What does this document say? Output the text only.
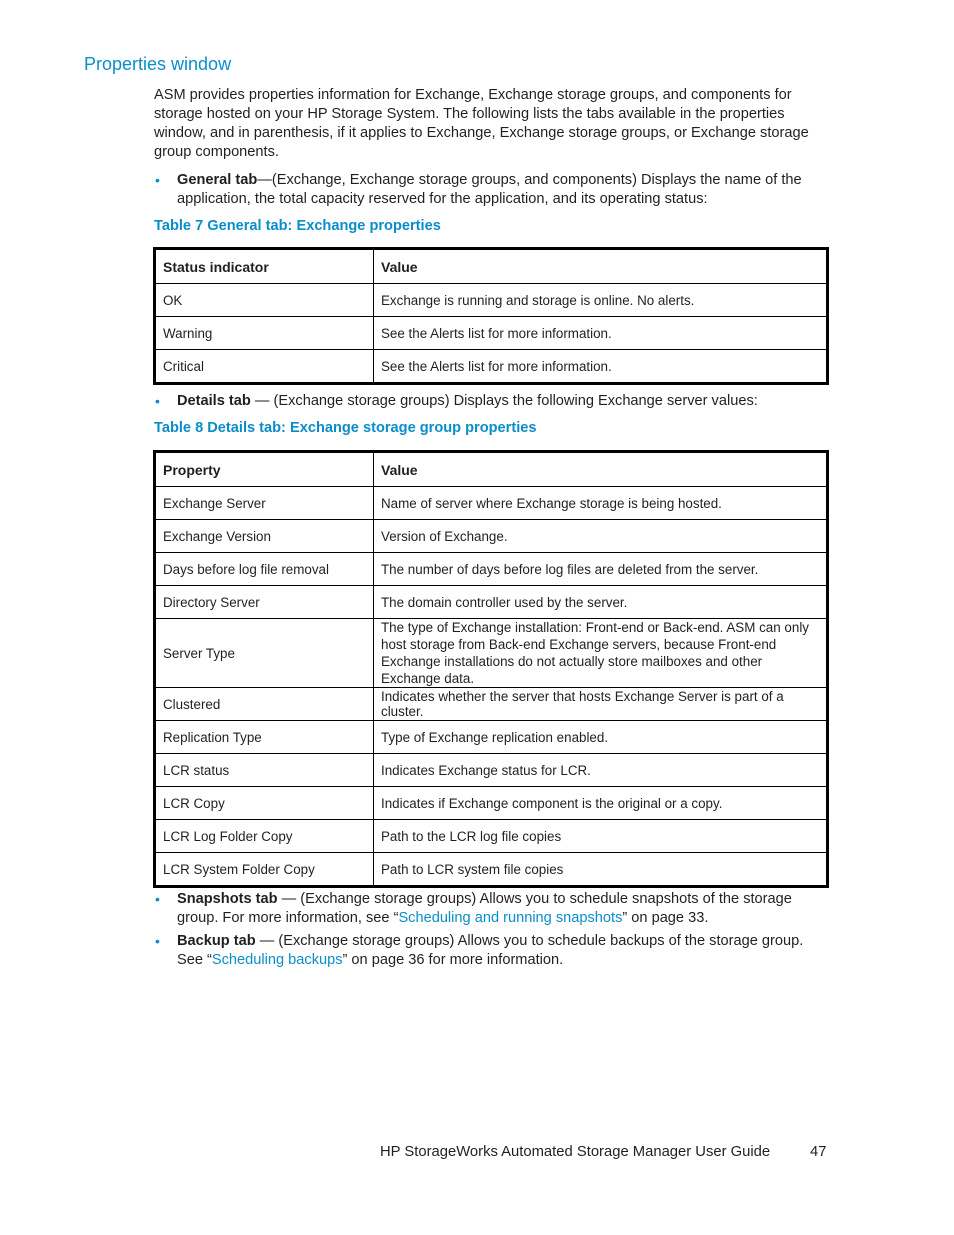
Properties window

ASM provides properties information for Exchange, Exchange storage groups, and components for storage hosted on your HP Storage System. The following lists the tabs available in the properties window, and in parenthesis, if it applies to Exchange, Exchange storage groups, or Exchange storage group components.

• General tab—(Exchange, Exchange storage groups, and components) Displays the name of the application, the total capacity reserved for the application, and its operating status:

Table 7 General tab: Exchange properties

Status indicator	Value
OK	Exchange is running and storage is online. No alerts.
Warning	See the Alerts list for more information.
Critical	See the Alerts list for more information.

• Details tab — (Exchange storage groups) Displays the following Exchange server values:

Table 8 Details tab: Exchange storage group properties

Property	Value
Exchange Server	Name of server where Exchange storage is being hosted.
Exchange Version	Version of Exchange.
Days before log file removal	The number of days before log files are deleted from the server.
Directory Server	The domain controller used by the server.
Server Type	The type of Exchange installation: Front-end or Back-end. ASM can only host storage from Back-end Exchange servers, because Front-end Exchange installations do not actually store mailboxes and other Exchange data.
Clustered	Indicates whether the server that hosts Exchange Server is part of a cluster.
Replication Type	Type of Exchange replication enabled.
LCR status	Indicates Exchange status for LCR.
LCR Copy	Indicates if Exchange component is the original or a copy.
LCR Log Folder Copy	Path to the LCR log file copies
LCR System Folder Copy	Path to LCR system file copies

• Snapshots tab — (Exchange storage groups) Allows you to schedule snapshots of the storage group. For more information, see “Scheduling and running snapshots” on page 33.

• Backup tab — (Exchange storage groups) Allows you to schedule backups of the storage group. See “Scheduling backups” on page 36 for more information.

HP StorageWorks Automated Storage Manager User Guide	47
